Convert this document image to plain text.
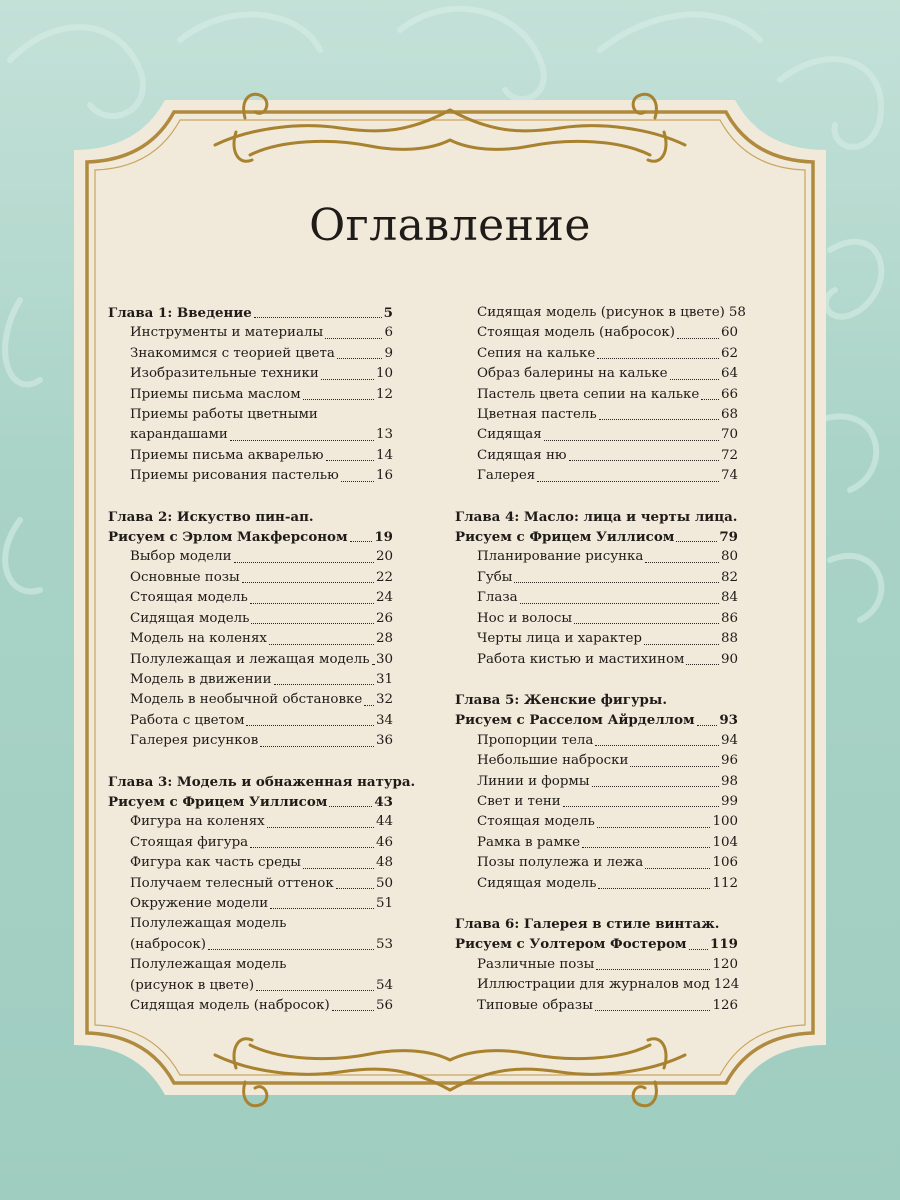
Оглавление
Глава 1: Введение	5
Инструменты и материалы	6
Знакомимся с теорией цвета	9
Изобразительные техники	10
Приемы письма маслом	12
Приемы работы цветными
карандашами	13
Приемы письма акварелью	14
Приемы рисования пастелью	16
Глава 2: Искуство пин-ап.
Рисуем с Эрлом Макферсоном 19
Выбор модели	20
Основные позы	22
Стоящая модель	24
Сидящая модель	26
Модель на коленях	28
Полулежащая и лежащая модель 30
Модель в движении	31
Модель в необычной обстановке 32
Работа с цветом	34
Галерея рисунков	36
Глава 3: Модель и обнаженная натура.
Рисуем с Фрицем Уиллисом	43
Фигура на коленях	44
Стоящая фигура	46
Фигура как часть среды	48
Получаем телесный оттенок	50
Окружение модели	51
Полулежащая модель
(набросок)	53
Полулежащая модель
(рисунок в цвете)	54
Сидящая модель (набросок)	56
Сидящая модель (рисунок в цвете) 58
Стоящая модель (набросок)	60
Сепия на кальке	62
Образ балерины на кальке	64
Пастель цвета сепии на кальке 66
Цветная пастель	68
Сидящая	70
Сидящая ню	72
Галерея	74
Глава 4: Масло: лица и черты лица.
Рисуем с Фрицем Уиллисом	79
Планирование рисунка	80
Губы	82
Глаза	84
Нос и волосы	86
Черты лица и характер	88
Работа кистью и мастихином	90
Глава 5: Женские фигуры.
Рисуем с Расселом Айрделлом 93
Пропорции тела	94
Небольшие наброски	96
Линии и формы	98
Свет и тени	99
Стоящая модель	100
Рамка в рамке	104
Позы полулежа и лежа	106
Сидящая модель	112
Глава 6: Галерея в стиле винтаж.
Рисуем с Уолтером Фостером 119
Различные позы	120
Иллюстрации для журналов мод 124
Типовые образы	126
